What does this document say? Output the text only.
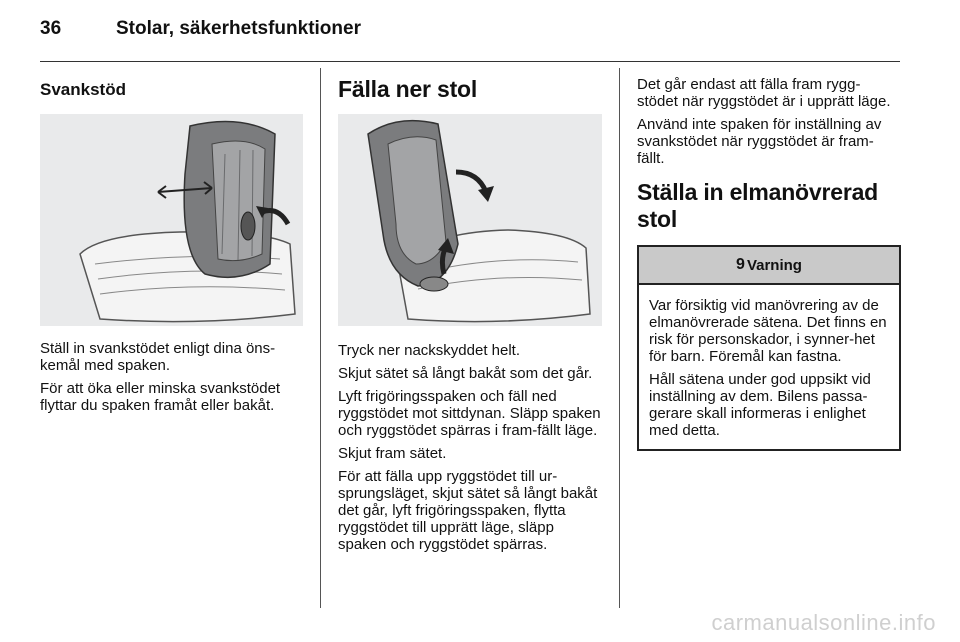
36	Stolar, säkerhetsfunktioner
Svankstöd

Ställ in svankstödet enligt dina öns-kemål med spaken.

För att öka eller minska svankstödet flyttar du spaken framåt eller bakåt.

Fälla ner stol

Tryck ner nackskyddet helt.

Skjut sätet så långt bakåt som det går.

Lyft frigöringsspaken och fäll ned ryggstödet mot sittdynan. Släpp spaken och ryggstödet spärras i fram-fällt läge.

Skjut fram sätet.

För att fälla upp ryggstödet till ur-sprungsläget, skjut sätet så långt bakåt det går, lyft frigöringsspaken, flytta ryggstödet till upprätt läge, släpp spaken och ryggstödet spärras.

Det går endast att fälla fram rygg-stödet när ryggstödet är i upprätt läge.

Använd inte spaken för inställning av svankstödet när ryggstödet är fram-fällt.

Ställa in elmanövrerad stol
9 Varning

Var försiktig vid manövrering av de elmanövrerade sätena. Det finns en risk för personskador, i synner-het för barn. Föremål kan fastna.

Håll sätena under god uppsikt vid inställning av dem. Bilens passa-gerare skall informeras i enlighet med detta.

carmanualsonline.info
